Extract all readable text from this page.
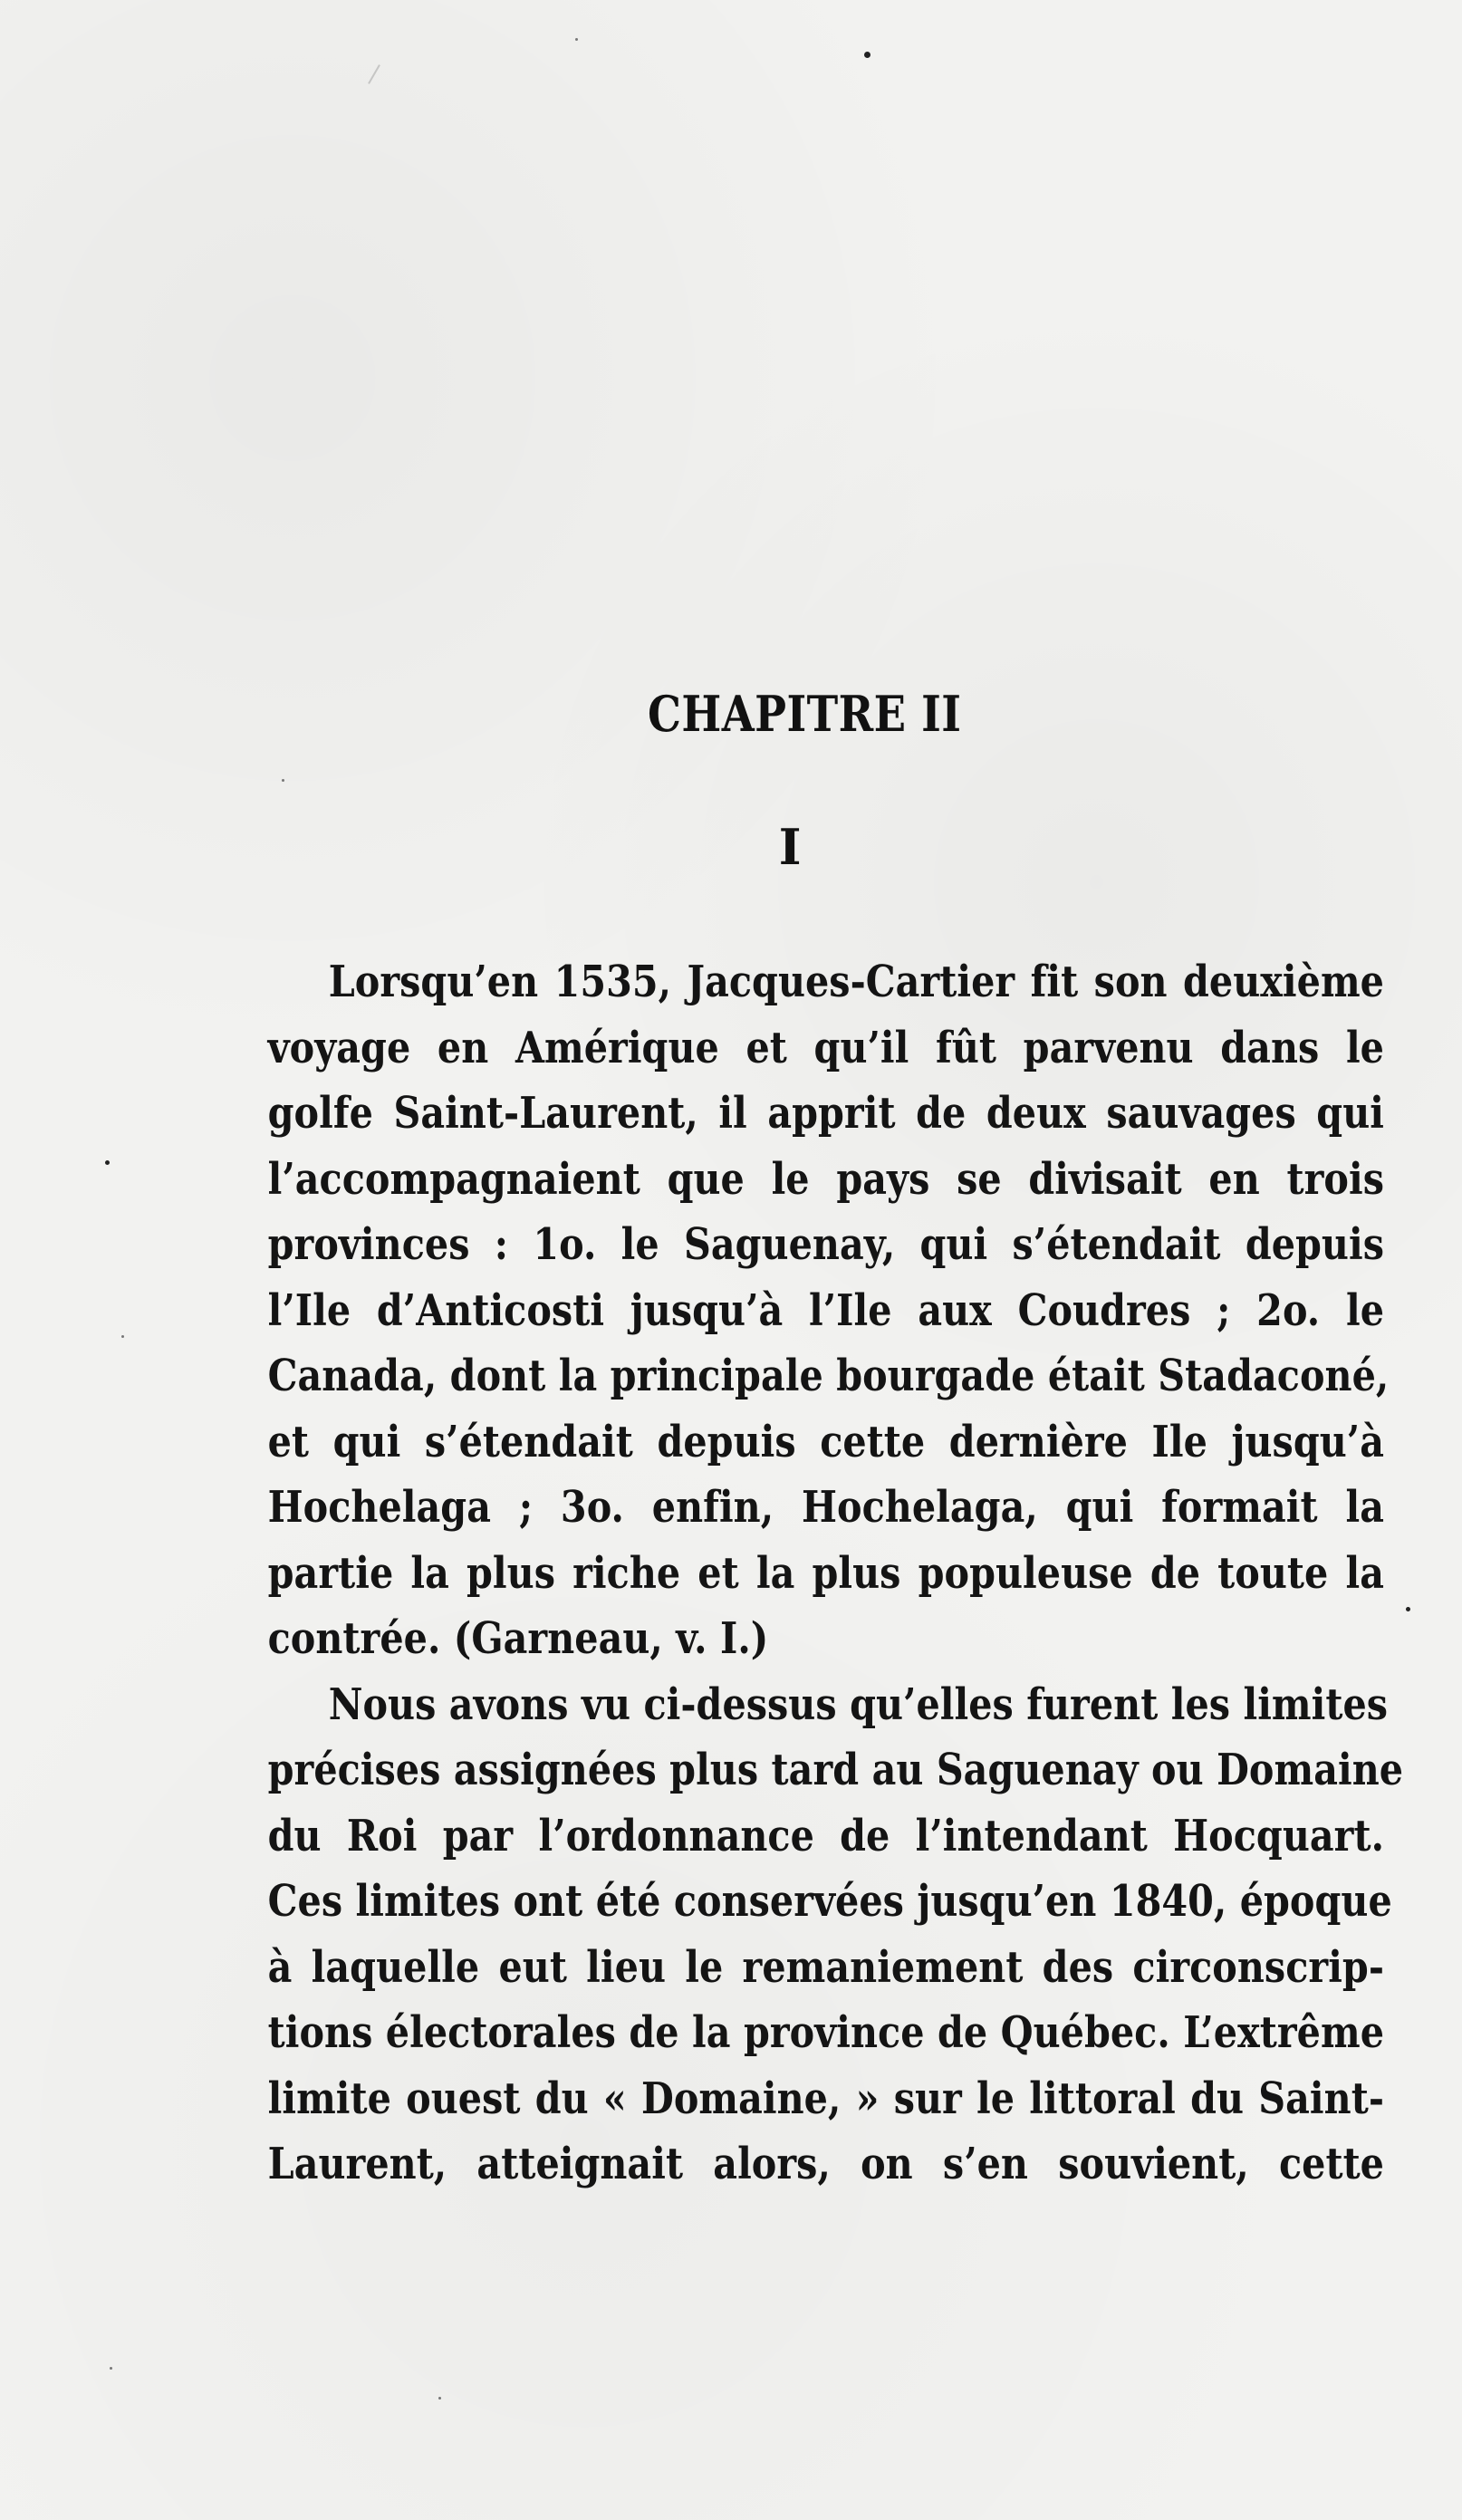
CHAPITRE II
I
Lorsqu’en 1535, Jacques-Cartier fit son deuxième
voyage en Amérique et qu’il fût parvenu dans le
golfe Saint-Laurent, il apprit de deux sauvages qui
l’accompagnaient que le pays se divisait en trois
provinces : 1o. le Saguenay, qui s’étendait depuis
l’Ile d’Anticosti jusqu’à l’Ile aux Coudres ; 2o. le
Canada, dont la principale bourgade était Stadaconé,
et qui s’étendait depuis cette dernière Ile jusqu’à
Hochelaga ; 3o. enfin, Hochelaga, qui formait la
partie la plus riche et la plus populeuse de toute la
contrée. (Garneau, v. I.)
Nous avons vu ci-dessus qu’elles furent les limites
précises assignées plus tard au Saguenay ou Domaine
du Roi par l’ordonnance de l’intendant Hocquart.
Ces limites ont été conservées jusqu’en 1840, époque
à laquelle eut lieu le remaniement des circonscrip-
tions électorales de la province de Québec. L’extrême
limite ouest du « Domaine, » sur le littoral du Saint-
Laurent, atteignait alors, on s’en souvient, cette
